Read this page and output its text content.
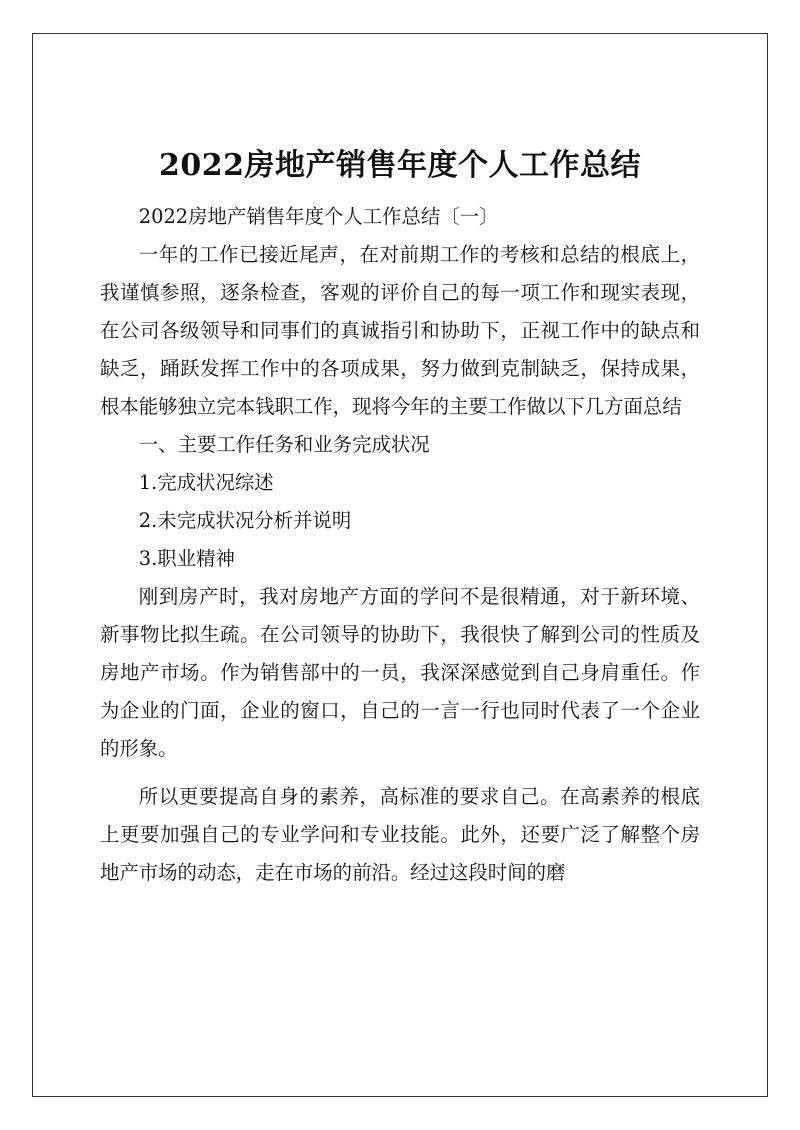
2022房地产销售年度个人工作总结

2022房地产销售年度个人工作总结〔一〕

一年的工作已接近尾声，在对前期工作的考核和总结的根底上，我谨慎参照，逐条检查，客观的评价自己的每一项工作和现实表现，在公司各级领导和同事们的真诚指引和协助下，正视工作中的缺点和缺乏，踊跃发挥工作中的各项成果，努力做到克制缺乏，保持成果，根本能够独立完本钱职工作，现将今年的主要工作做以下几方面总结

一、主要工作任务和业务完成状况

1.完成状况综述

2.未完成状况分析并说明

3.职业精神

刚到房产时，我对房地产方面的学问不是很精通，对于新环境、新事物比拟生疏。在公司领导的协助下，我很快了解到公司的性质及房地产市场。作为销售部中的一员，我深深感觉到自己身肩重任。作为企业的门面，企业的窗口，自己的一言一行也同时代表了一个企业的形象。

所以更要提高自身的素养，高标准的要求自己。在高素养的根底上更要加强自己的专业学问和专业技能。此外，还要广泛了解整个房地产市场的动态，走在市场的前沿。经过这段时间的磨
